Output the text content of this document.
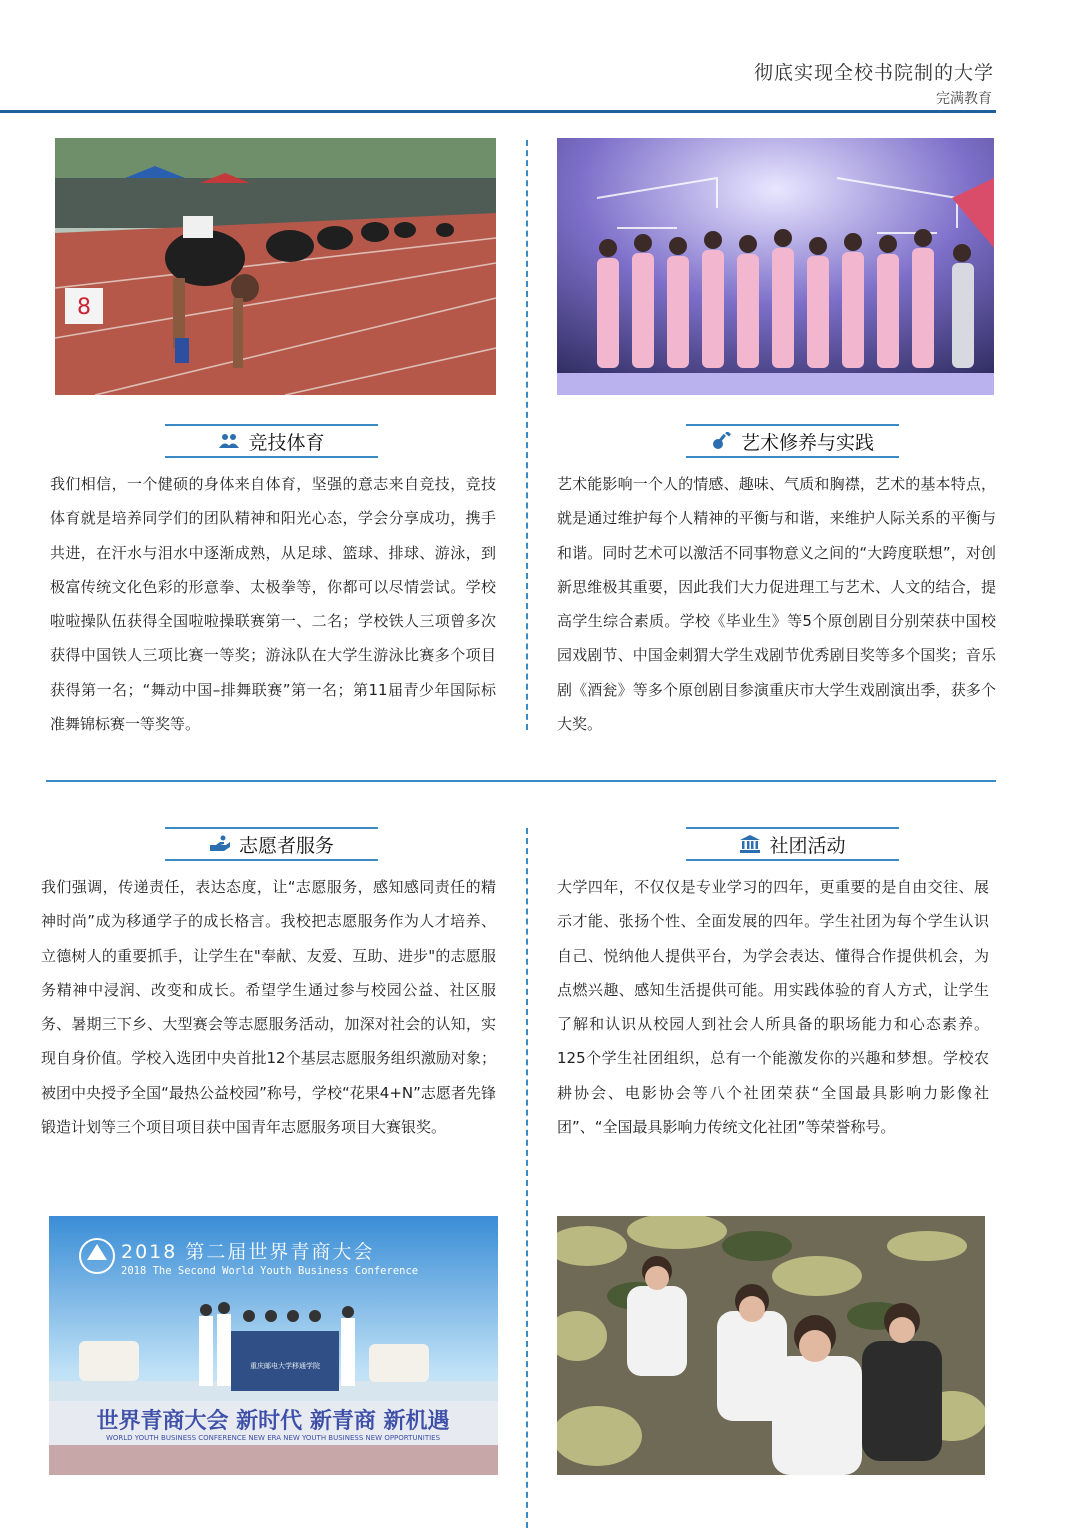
彻底实现全校书院制的大学
完满教育
8
竞技体育
我们相信，一个健硕的身体来自体育，坚强的意志来自竞技，竞技体育就是培养同学们的团队精神和阳光心态，学会分享成功，携手共进，在汗水与泪水中逐渐成熟，从足球、篮球、排球、游泳，到极富传统文化色彩的形意拳、太极拳等，你都可以尽情尝试。学校啦啦操队伍获得全国啦啦操联赛第一、二名；学校铁人三项曾多次获得中国铁人三项比赛一等奖；游泳队在大学生游泳比赛多个项目获得第一名；“舞动中国–排舞联赛”第一名；第11届青少年国际标准舞锦标赛一等奖等。
艺术修养与实践
艺术能影响一个人的情感、趣味、气质和胸襟，艺术的基本特点，就是通过维护每个人精神的平衡与和谐，来维护人际关系的平衡与和谐。同时艺术可以激活不同事物意义之间的“大跨度联想”，对创新思维极其重要，因此我们大力促进理工与艺术、人文的结合，提高学生综合素质。学校《毕业生》等5个原创剧目分别荣获中国校园戏剧节、中国金刺猬大学生戏剧节优秀剧目奖等多个国奖；音乐剧《酒瓮》等多个原创剧目参演重庆市大学生戏剧演出季，获多个大奖。
志愿者服务
我们强调，传递责任，表达态度，让“志愿服务，感知感同责任的精神时尚”成为移通学子的成长格言。我校把志愿服务作为人才培养、立德树人的重要抓手，让学生在"奉献、友爱、互助、进步"的志愿服务精神中浸润、改变和成长。希望学生通过参与校园公益、社区服务、暑期三下乡、大型赛会等志愿服务活动，加深对社会的认知，实现自身价值。学校入选团中央首批12个基层志愿服务组织激励对象；被团中央授予全国“最热公益校园”称号，学校“花果4+N”志愿者先锋锻造计划等三个项目项目获中国青年志愿服务项目大赛银奖。
社团活动
大学四年，不仅仅是专业学习的四年，更重要的是自由交往、展示才能、张扬个性、全面发展的四年。学生社团为每个学生认识自己、悦纳他人提供平台，为学会表达、懂得合作提供机会，为点燃兴趣、感知生活提供可能。用实践体验的育人方式，让学生了解和认识从校园人到社会人所具备的职场能力和心态素养。125个学生社团组织，总有一个能激发你的兴趣和梦想。学校农耕协会、电影协会等八个社团荣获“全国最具影响力影像社团”、“全国最具影响力传统文化社团”等荣誉称号。
2018 第二届世界青商大会
2018 The Second World Youth Business Conference
重庆邮电大学移通学院
世界青商大会 新时代 新青商 新机遇
WORLD YOUTH BUSINESS CONFERENCE NEW ERA NEW YOUTH BUSINESS NEW OPPORTUNITIES
